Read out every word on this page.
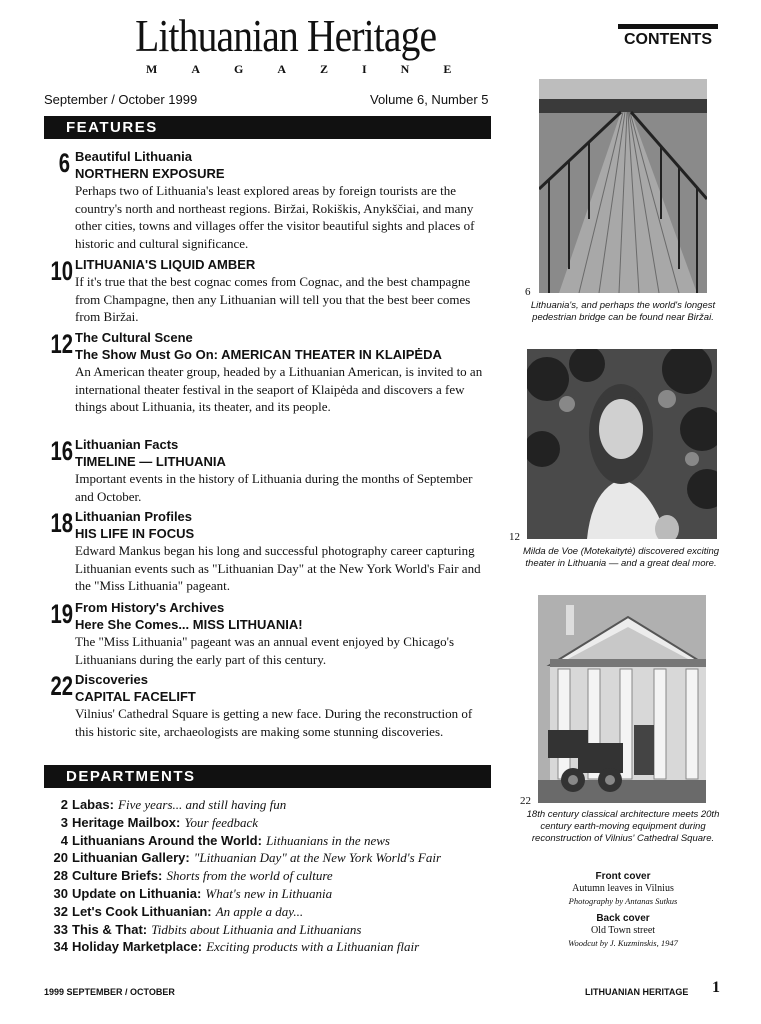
Lithuanian Heritage
MAGAZINE
CONTENTS
September / October 1999	Volume 6, Number 5
FEATURES
6 Beautiful Lithuania
NORTHERN EXPOSURE
Perhaps two of Lithuania's least explored areas by foreign tourists are the country's north and northeast regions. Biržai, Rokiškis, Anykščiai, and many other cities, towns and villages offer the visitor beautiful sights and places of historic and cultural significance.
10 LITHUANIA'S LIQUID AMBER
If it's true that the best cognac comes from Cognac, and the best champagne from Champagne, then any Lithuanian will tell you that the best beer comes from Biržai.
12 The Cultural Scene
The Show Must Go On: AMERICAN THEATER IN KLAIPĖDA
An American theater group, headed by a Lithuanian American, is invited to an international theater festival in the seaport of Klaipėda and discovers a few things about Lithuania, its theater, and its people.
16 Lithuanian Facts
TIMELINE — LITHUANIA
Important events in the history of Lithuania during the months of September and October.
18 Lithuanian Profiles
HIS LIFE IN FOCUS
Edward Mankus began his long and successful photography career capturing Lithuanian events such as "Lithuanian Day" at the New York World's Fair and the "Miss Lithuania" pageant.
19 From History's Archives
Here She Comes... MISS LITHUANIA!
The "Miss Lithuania" pageant was an annual event enjoyed by Chicago's Lithuanians during the early part of this century.
22 Discoveries
CAPITAL FACELIFT
Vilnius' Cathedral Square is getting a new face. During the reconstruction of this historic site, archaeologists are making some stunning discoveries.
DEPARTMENTS
2 Labas: Five years... and still having fun
3 Heritage Mailbox: Your feedback
4 Lithuanians Around the World: Lithuanians in the news
20 Lithuanian Gallery: "Lithuanian Day" at the New York World's Fair
28 Culture Briefs: Shorts from the world of culture
30 Update on Lithuania: What's new in Lithuania
32 Let's Cook Lithuanian: An apple a day...
33 This & That: Tidbits about Lithuania and Lithuanians
34 Holiday Marketplace: Exciting products with a Lithuanian flair
6
Lithuania's, and perhaps the world's longest pedestrian bridge can be found near Biržai.
12
Milda de Voe (Motekaitytė) discovered exciting theater in Lithuania — and a great deal more.
22
18th century classical architecture meets 20th century earth-moving equipment during reconstruction of Vilnius' Cathedral Square.
Front cover
Autumn leaves in Vilnius
Photography by Antanas Sutkus
Back cover
Old Town street
Woodcut by J. Kuzminskis, 1947
1999 SEPTEMBER / OCTOBER	LITHUANIAN HERITAGE 1
